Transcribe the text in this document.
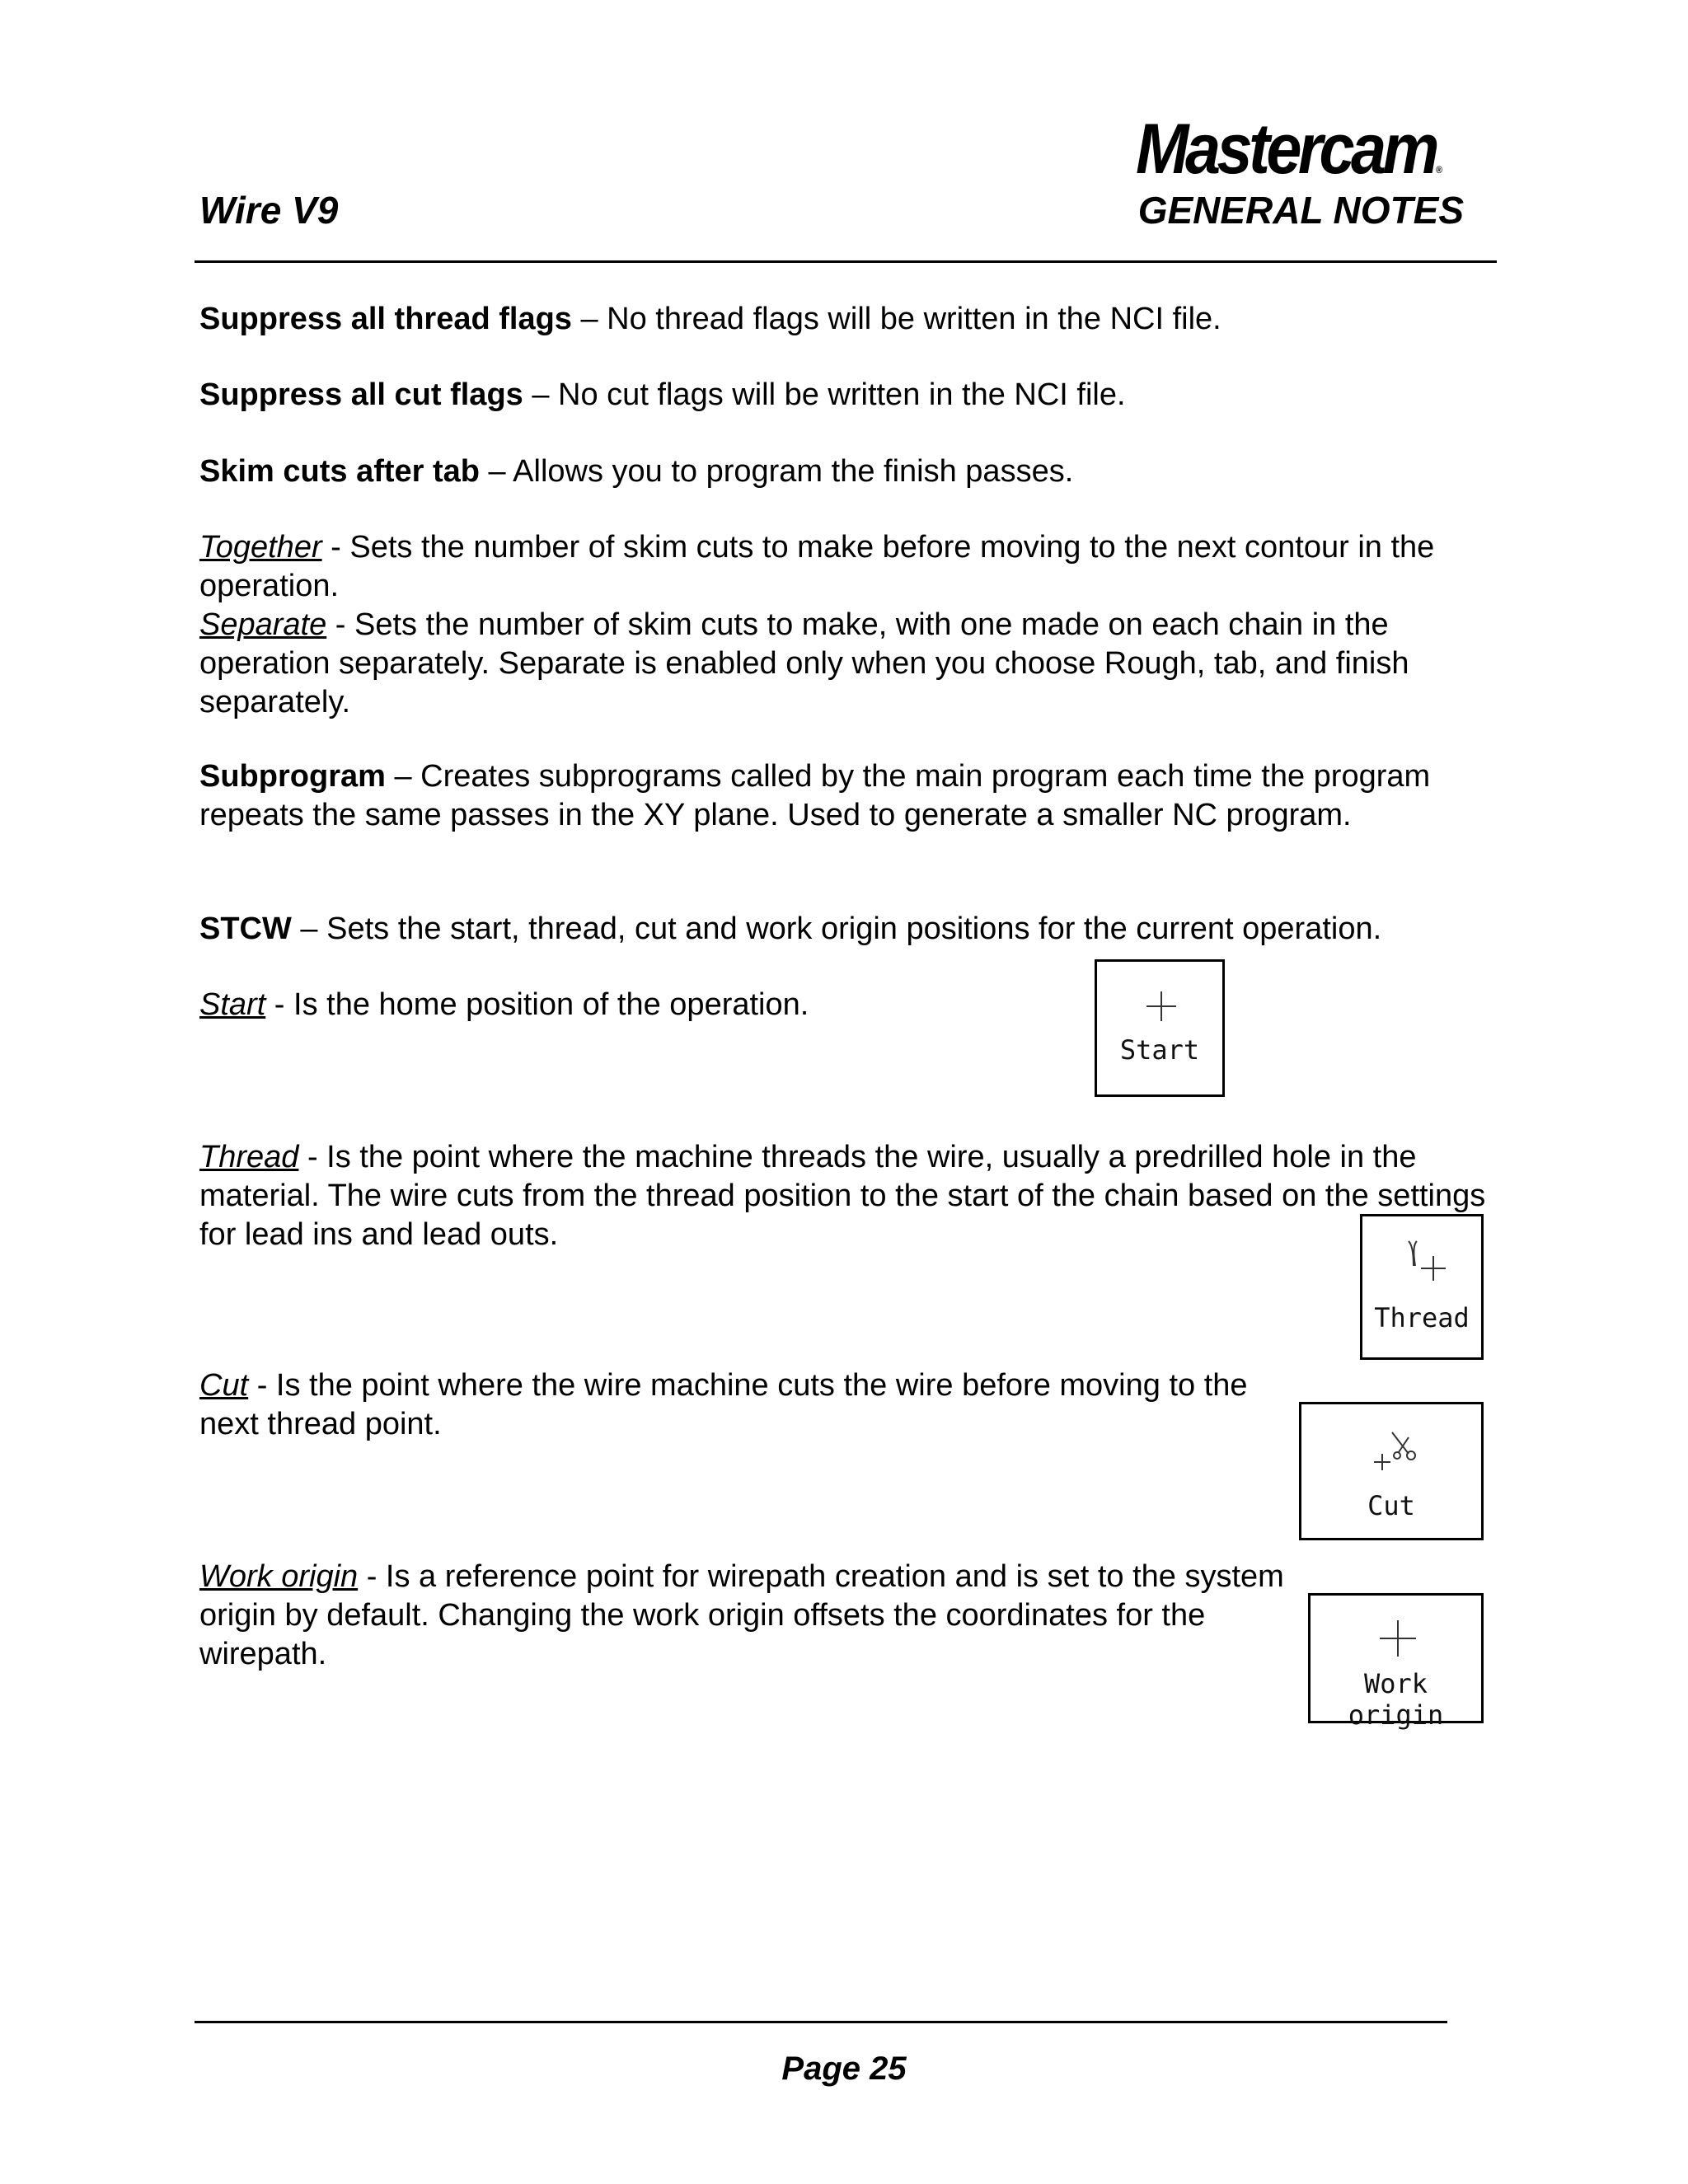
Mastercam®
Wire V9	GENERAL NOTES

Suppress all thread flags – No thread flags will be written in the NCI file.

Suppress all cut flags – No cut flags will be written in the NCI file.

Skim cuts after tab – Allows you to program the finish passes.

Together - Sets the number of skim cuts to make before moving to the next contour in the operation.

Separate - Sets the number of skim cuts to make, with one made on each chain in the operation separately. Separate is enabled only when you choose Rough, tab, and finish separately.

Subprogram – Creates subprograms called by the main program each time the program repeats the same passes in the XY plane. Used to generate a smaller NC program.

STCW – Sets the start, thread, cut and work origin positions for the current operation.

Start - Is the home position of the operation.

Start

Thread - Is the point where the machine threads the wire, usually a predrilled hole in the material. The wire cuts from the thread position to the start of the chain based on the settings for lead ins and lead outs.

Thread

Cut - Is the point where the wire machine cuts the wire before moving to the next thread point.

Cut

Work origin - Is a reference point for wirepath creation and is set to the system origin by default. Changing the work origin offsets the coordinates for the wirepath.

Work origin
Page 25
